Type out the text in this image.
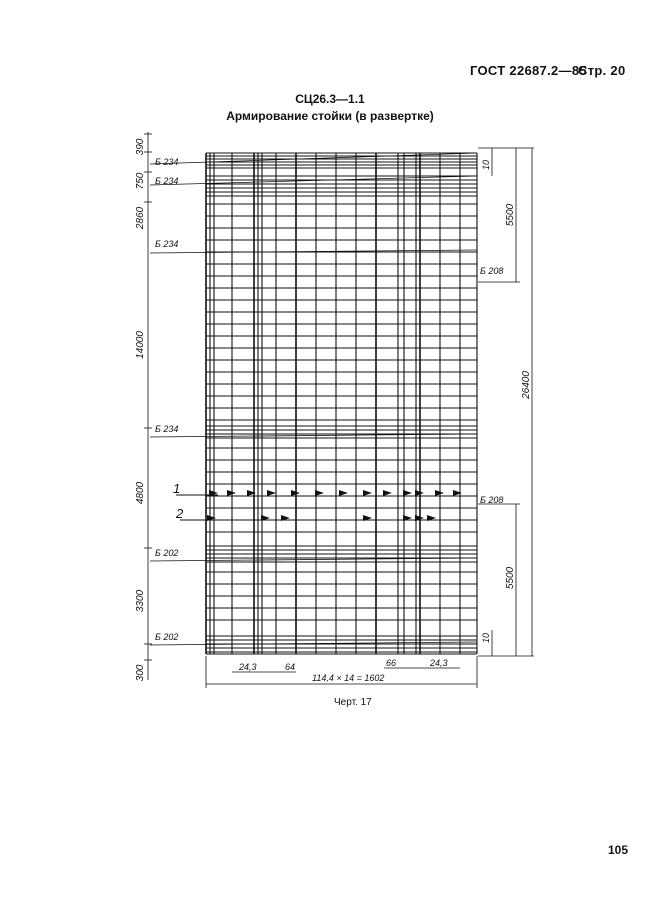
ГОСТ 22687.2—85
Стр. 20
СЦ26.3—1.1
Армирование стойки (в развертке)
390
750
2860
14000
4800
3300
300
Б 234
Б 234
Б 234
Б 234
Б 202
Б 202
Б 208
Б 208
10
5500
26400
5500
10
24,3	64	66	24,3
114,4 × 14 = 1602
1
2
Черт. 17
105
